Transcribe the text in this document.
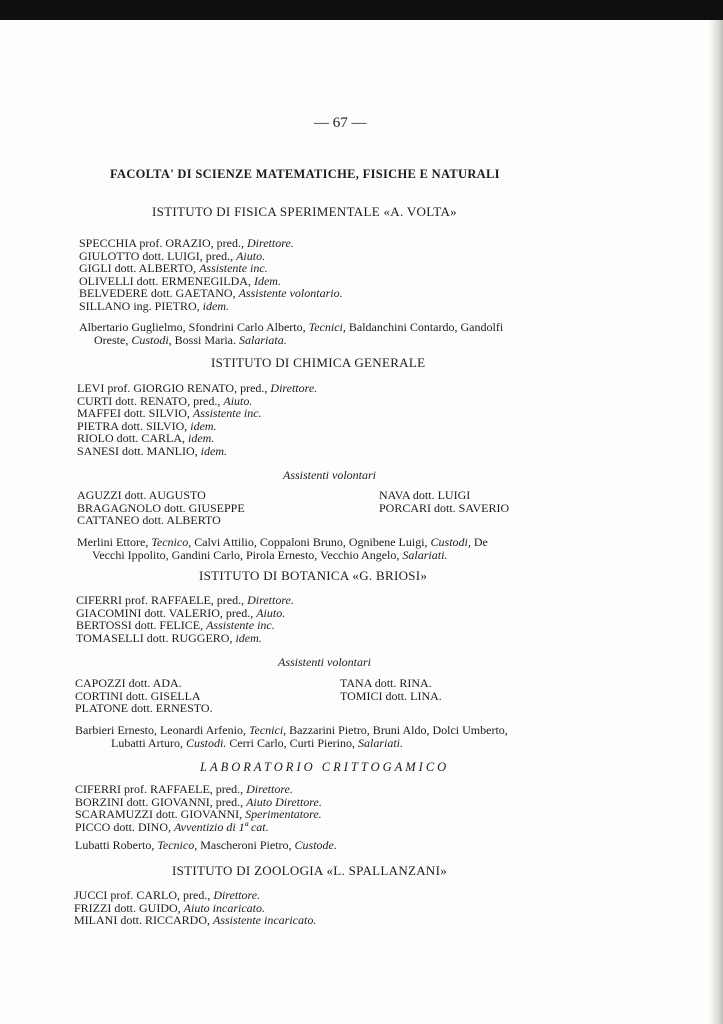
— 67 —
FACOLTA' DI SCIENZE MATEMATICHE, FISICHE E NATURALI
ISTITUTO DI FISICA SPERIMENTALE «A. VOLTA»
SPECCHIA prof. ORAZIO, pred., Direttore.
GIULOTTO dott. LUIGI, pred., Aiuto.
GIGLI dott. ALBERTO, Assistente inc.
OLIVELLI dott. ERMENEGILDA, Idem.
BELVEDERE dott. GAETANO, Assistente volontario.
SILLANO ing. PIETRO, idem.
Albertario Guglielmo, Sfondrini Carlo Alberto, Tecnici, Baldanchini Contardo, Gandolfi
Oreste, Custodi, Bossi Maria. Salariata.
ISTITUTO DI CHIMICA GENERALE
LEVI prof. GIORGIO RENATO, pred., Direttore.
CURTI dott. RENATO, pred., Aiuto.
MAFFEI dott. SILVIO, Assistente inc.
PIETRA dott. SILVIO, idem.
RIOLO dott. CARLA, idem.
SANESI dott. MANLIO, idem.
Assistenti volontari
AGUZZI dott. AUGUSTO
BRAGAGNOLO dott. GIUSEPPE
CATTANEO dott. ALBERTO
NAVA dott. LUIGI
PORCARI dott. SAVERIO
Merlini Ettore, Tecnico, Calvi Attilio, Coppaloni Bruno, Ognibene Luigi, Custodi, De
Vecchi Ippolito, Gandini Carlo, Pirola Ernesto, Vecchio Angelo, Salariati.
ISTITUTO DI BOTANICA «G. BRIOSI»
CIFERRI prof. RAFFAELE, pred., Direttore.
GIACOMINI dott. VALERIO, pred., Aiuto.
BERTOSSI dott. FELICE, Assistente inc.
TOMASELLI dott. RUGGERO, idem.
Assistenti volontari
CAPOZZI dott. ADA.
CORTINI dott. GISELLA
PLATONE dott. ERNESTO.
TANA dott. RINA.
TOMICI dott. LINA.
Barbieri Ernesto, Leonardi Arfenio, Tecnici, Bazzarini Pietro, Bruni Aldo, Dolci Umberto,
Lubatti Arturo, Custodi. Cerri Carlo, Curti Pierino, Salariati.
LABORATORIO CRITTOGAMICO
CIFERRI prof. RAFFAELE, pred., Direttore.
BORZINI dott. GIOVANNI, pred., Aiuto Direttore.
SCARAMUZZI dott. GIOVANNI, Sperimentatore.
PICCO dott. DINO, Avventizio di 1ª cat.
Lubatti Roberto, Tecnico, Mascheroni Pietro, Custode.
ISTITUTO DI ZOOLOGIA «L. SPALLANZANI»
JUCCI prof. CARLO, pred., Direttore.
FRIZZI dott. GUIDO, Aiuto incaricato.
MILANI dott. RICCARDO, Assistente incaricato.
